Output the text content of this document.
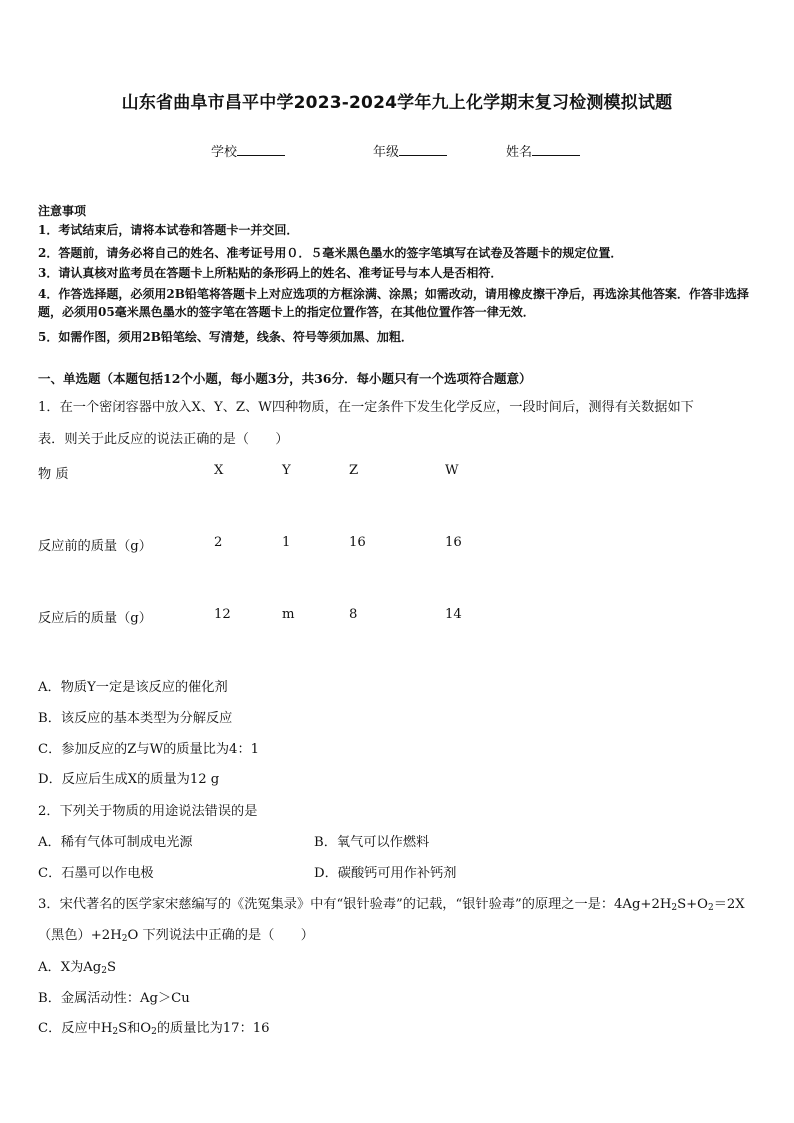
山东省曲阜市昌平中学2023-2024学年九上化学期末复习检测模拟试题
学校	年级	姓名
注意事项
1．考试结束后，请将本试卷和答题卡一并交回．
2．答题前，请务必将自己的姓名、准考证号用０．５毫米黑色墨水的签字笔填写在试卷及答题卡的规定位置．
3．请认真核对监考员在答题卡上所粘贴的条形码上的姓名、准考证号与本人是否相符．
4．作答选择题，必须用2B铅笔将答题卡上对应选项的方框涂满、涂黑；如需改动，请用橡皮擦干净后，再选涂其他答案．作答非选择题，必须用05毫米黑色墨水的签字笔在答题卡上的指定位置作答，在其他位置作答一律无效．
5．如需作图，须用2B铅笔绘、写清楚，线条、符号等须加黑、加粗．
一、单选题（本题包括12个小题，每小题3分，共36分．每小题只有一个选项符合题意）
1．在一个密闭容器中放入X、Y、Z、W四种物质，在一定条件下发生化学反应，一段时间后，测得有关数据如下
表．则关于此反应的说法正确的是（　　）
物 质	X	Y	Z	W
反应前的质量（g）	2	1	16	16
反应后的质量（g）	12	m	8	14
A．物质Y一定是该反应的催化剂
B．该反应的基本类型为分解反应
C．参加反应的Z与W的质量比为4：1
D．反应后生成X的质量为12 g
2．下列关于物质的用途说法错误的是
A．稀有气体可制成电光源	B．氧气可以作燃料
C．石墨可以作电极	D．碳酸钙可用作补钙剂
3．宋代著名的医学家宋慈编写的《洗冤集录》中有“银针验毒”的记载，“银针验毒”的原理之一是：$4Ag+2H_2S+O_2=2X$
（黑色）$+2H_2O$ 下列说法中正确的是（　　）
A．X为$Ag_2S$
B．金属活动性：Ag＞Cu
C．反应中$H_2S$和$O_2$的质量比为17：16
